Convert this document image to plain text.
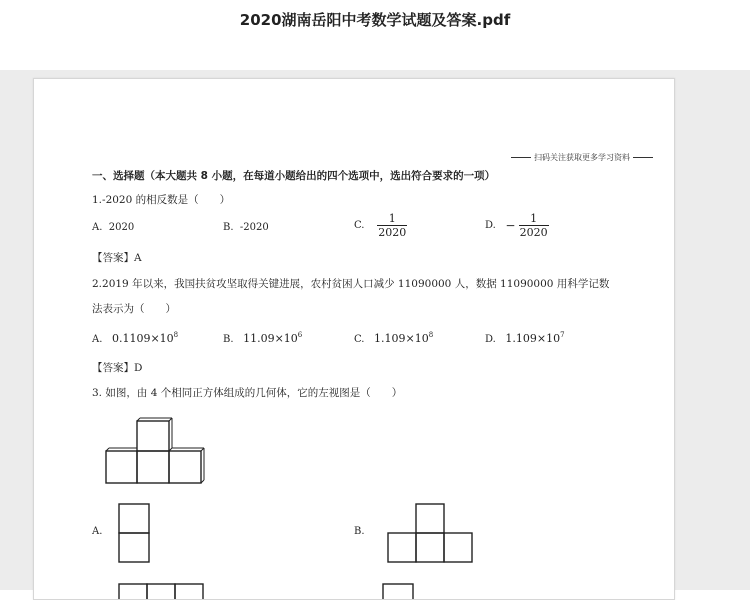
2020湖南岳阳中考数学试题及答案.pdf
扫码关注获取更多学习资料
一、选择题（本大题共 8 小题，在每道小题给出的四个选项中，选出符合要求的一项）
1.-2020 的相反数是（　　）
A. 2020	B. -2020	C. $\frac{1}{2020}$	D. − $\frac{1}{2020}$
【答案】A
2.2019 年以来，我国扶贫攻坚取得关键进展，农村贫困人口减少 11090000 人，数据 11090000 用科学记数
法表示为（　　）
A. $0.1109\times 10^8$	B. $11.09\times 10^6$	C. $1.109\times 10^8$	D. $1.109\times 10^7$
【答案】D
3. 如图，由 4 个相同正方体组成的几何体，它的左视图是（　　）
A.	B.
